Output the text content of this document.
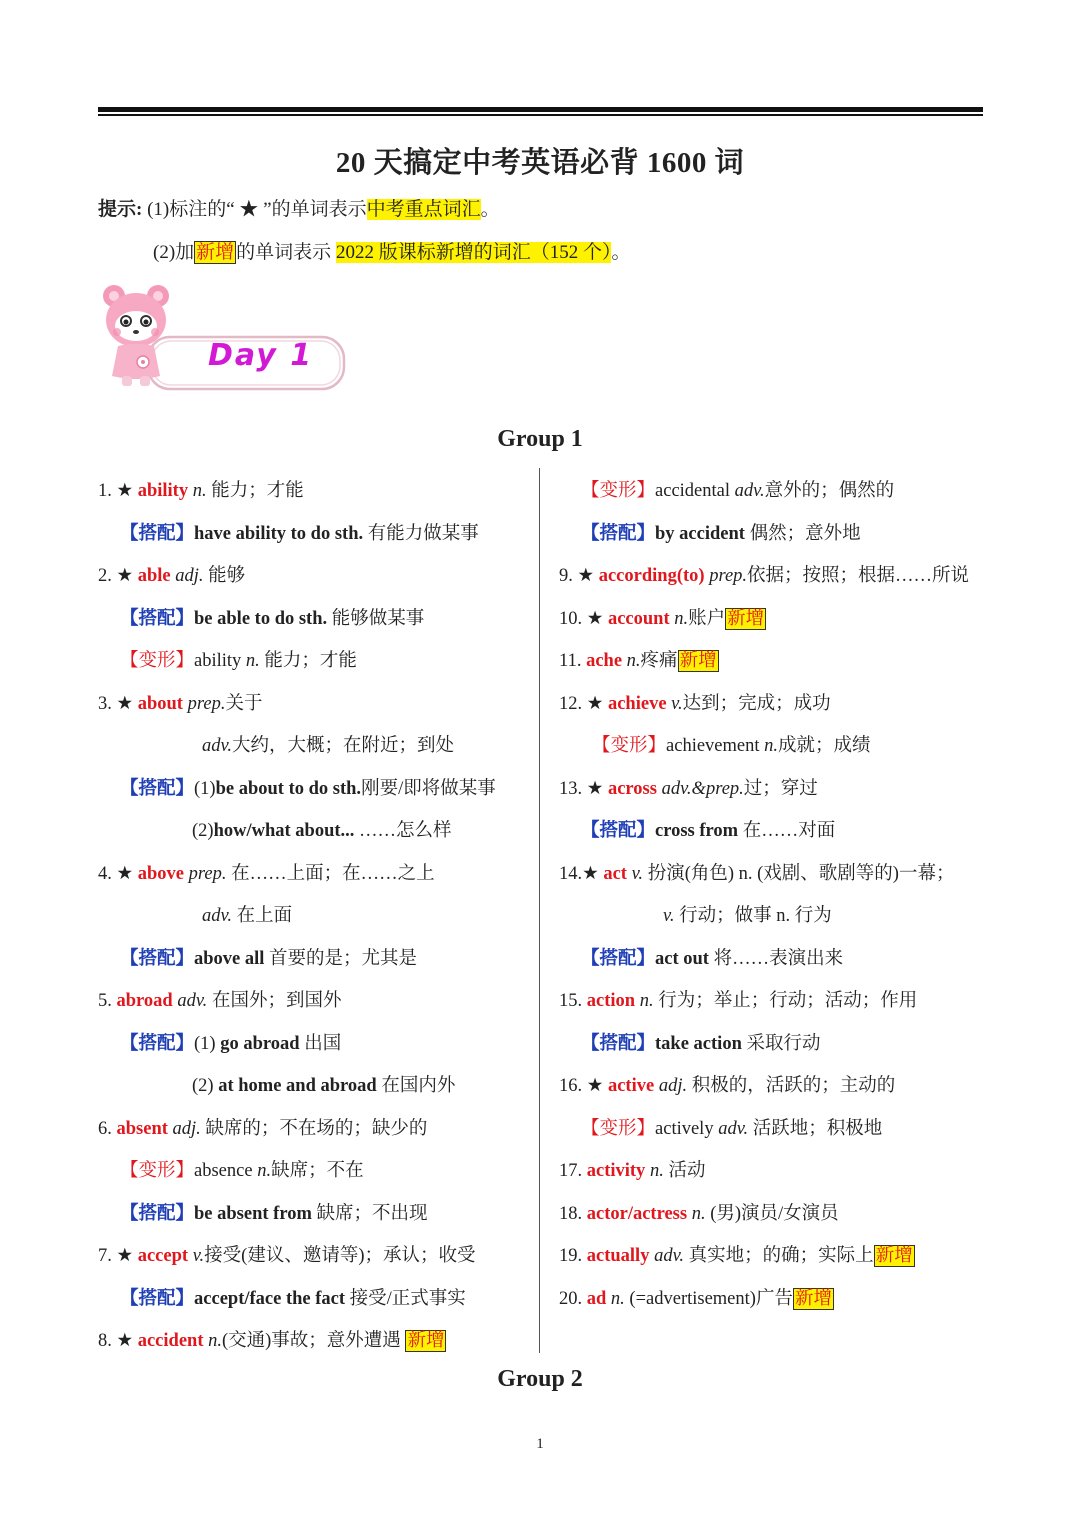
20 天搞定中考英语必背 1600 词
提示: (1)标注的“ ★ ”的单词表示中考重点词汇。
(2)加 新增 的单词表示 2022 版课标新增的词汇（152 个）。
Day 1
Group 1
1. ★ ability n. 能力；才能
【搭配】have ability to do sth. 有能力做某事
2. ★ able adj. 能够
【搭配】be able to do sth. 能够做某事
【变形】ability n. 能力；才能
3. ★ about prep.关于
adv.大约，大概；在附近；到处
【搭配】(1)be about to do sth.刚要/即将做某事
(2)how/what about... ……怎么样
4. ★ above prep. 在……上面；在……之上
adv. 在上面
【搭配】above all 首要的是；尤其是
5. abroad adv. 在国外；到国外
【搭配】(1) go abroad 出国
(2) at home and abroad 在国内外
6. absent adj. 缺席的；不在场的；缺少的
【变形】absence n.缺席；不在
【搭配】be absent from 缺席；不出现
7. ★ accept v.接受(建议、邀请等)；承认；收受
【搭配】accept/face the fact 接受/正式事实
8. ★ accident n.(交通)事故；意外遭遇 新增
【变形】accidental adv.意外的；偶然的
【搭配】by accident 偶然；意外地
9. ★ according(to) prep.依据；按照；根据……所说
10. ★ account n.账户 新增
11. ache n.疼痛 新增
12. ★ achieve v.达到；完成；成功
【变形】achievement n.成就；成绩
13. ★ across adv.&prep.过；穿过
【搭配】cross from 在……对面
14.★ act v. 扮演(角色) n. (戏剧、歌剧等的)一幕；
v. 行动；做事 n. 行为
【搭配】act out 将……表演出来
15. action n. 行为；举止；行动；活动；作用
【搭配】take action 采取行动
16. ★ active adj. 积极的，活跃的；主动的
【变形】actively adv. 活跃地；积极地
17. activity n. 活动
18. actor/actress n. (男)演员/女演员
19. actually adv. 真实地；的确；实际上 新增
20. ad n. (=advertisement)广告 新增
Group 2
1
